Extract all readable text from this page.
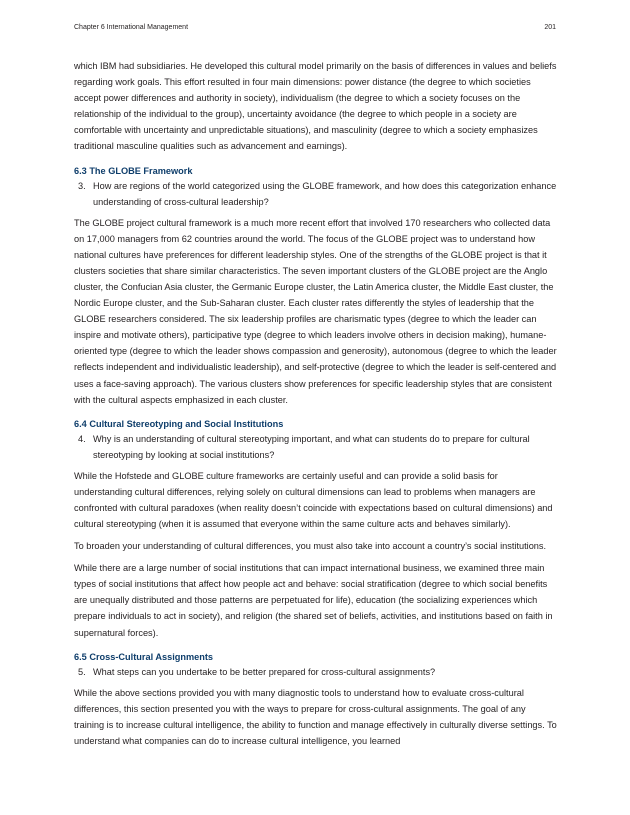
Chapter 6 International Management	201

which IBM had subsidiaries. He developed this cultural model primarily on the basis of differences in values and beliefs regarding work goals. This effort resulted in four main dimensions: power distance (the degree to which societies accept power differences and authority in society), individualism (the degree to which a society focuses on the relationship of the individual to the group), uncertainty avoidance (the degree to which people in a society are comfortable with uncertainty and unpredictable situations), and masculinity (degree to which a society emphasizes traditional masculine qualities such as advancement and earnings).

6.3 The GLOBE Framework
3. How are regions of the world categorized using the GLOBE framework, and how does this categorization enhance understanding of cross-cultural leadership?

The GLOBE project cultural framework is a much more recent effort that involved 170 researchers who collected data on 17,000 managers from 62 countries around the world. The focus of the GLOBE project was to understand how national cultures have preferences for different leadership styles. One of the strengths of the GLOBE project is that it clusters societies that share similar characteristics. The seven important clusters of the GLOBE project are the Anglo cluster, the Confucian Asia cluster, the Germanic Europe cluster, the Latin America cluster, the Middle East cluster, the Nordic Europe cluster, and the Sub-Saharan cluster. Each cluster rates differently the styles of leadership that the GLOBE researchers considered. The six leadership profiles are charismatic types (degree to which the leader can inspire and motivate others), participative type (degree to which leaders involve others in decision making), humane-oriented type (degree to which the leader shows compassion and generosity), autonomous (degree to which the leader reflects independent and individualistic leadership), and self-protective (degree to which the leader is self-centered and uses a face-saving approach). The various clusters show preferences for specific leadership styles that are consistent with the cultural aspects emphasized in each cluster.

6.4 Cultural Stereotyping and Social Institutions
4. Why is an understanding of cultural stereotyping important, and what can students do to prepare for cultural stereotyping by looking at social institutions?

While the Hofstede and GLOBE culture frameworks are certainly useful and can provide a solid basis for understanding cultural differences, relying solely on cultural dimensions can lead to problems when managers are confronted with cultural paradoxes (when reality doesn’t coincide with expectations based on cultural dimensions) and cultural stereotyping (when it is assumed that everyone within the same culture acts and behaves similarly).

To broaden your understanding of cultural differences, you must also take into account a country’s social institutions.

While there are a large number of social institutions that can impact international business, we examined three main types of social institutions that affect how people act and behave: social stratification (degree to which social benefits are unequally distributed and those patterns are perpetuated for life), education (the socializing experiences which prepare individuals to act in society), and religion (the shared set of beliefs, activities, and institutions based on faith in supernatural forces).

6.5 Cross-Cultural Assignments
5. What steps can you undertake to be better prepared for cross-cultural assignments?

While the above sections provided you with many diagnostic tools to understand how to evaluate cross-cultural differences, this section presented you with the ways to prepare for cross-cultural assignments. The goal of any training is to increase cultural intelligence, the ability to function and manage effectively in culturally diverse settings. To understand what companies can do to increase cultural intelligence, you learned
